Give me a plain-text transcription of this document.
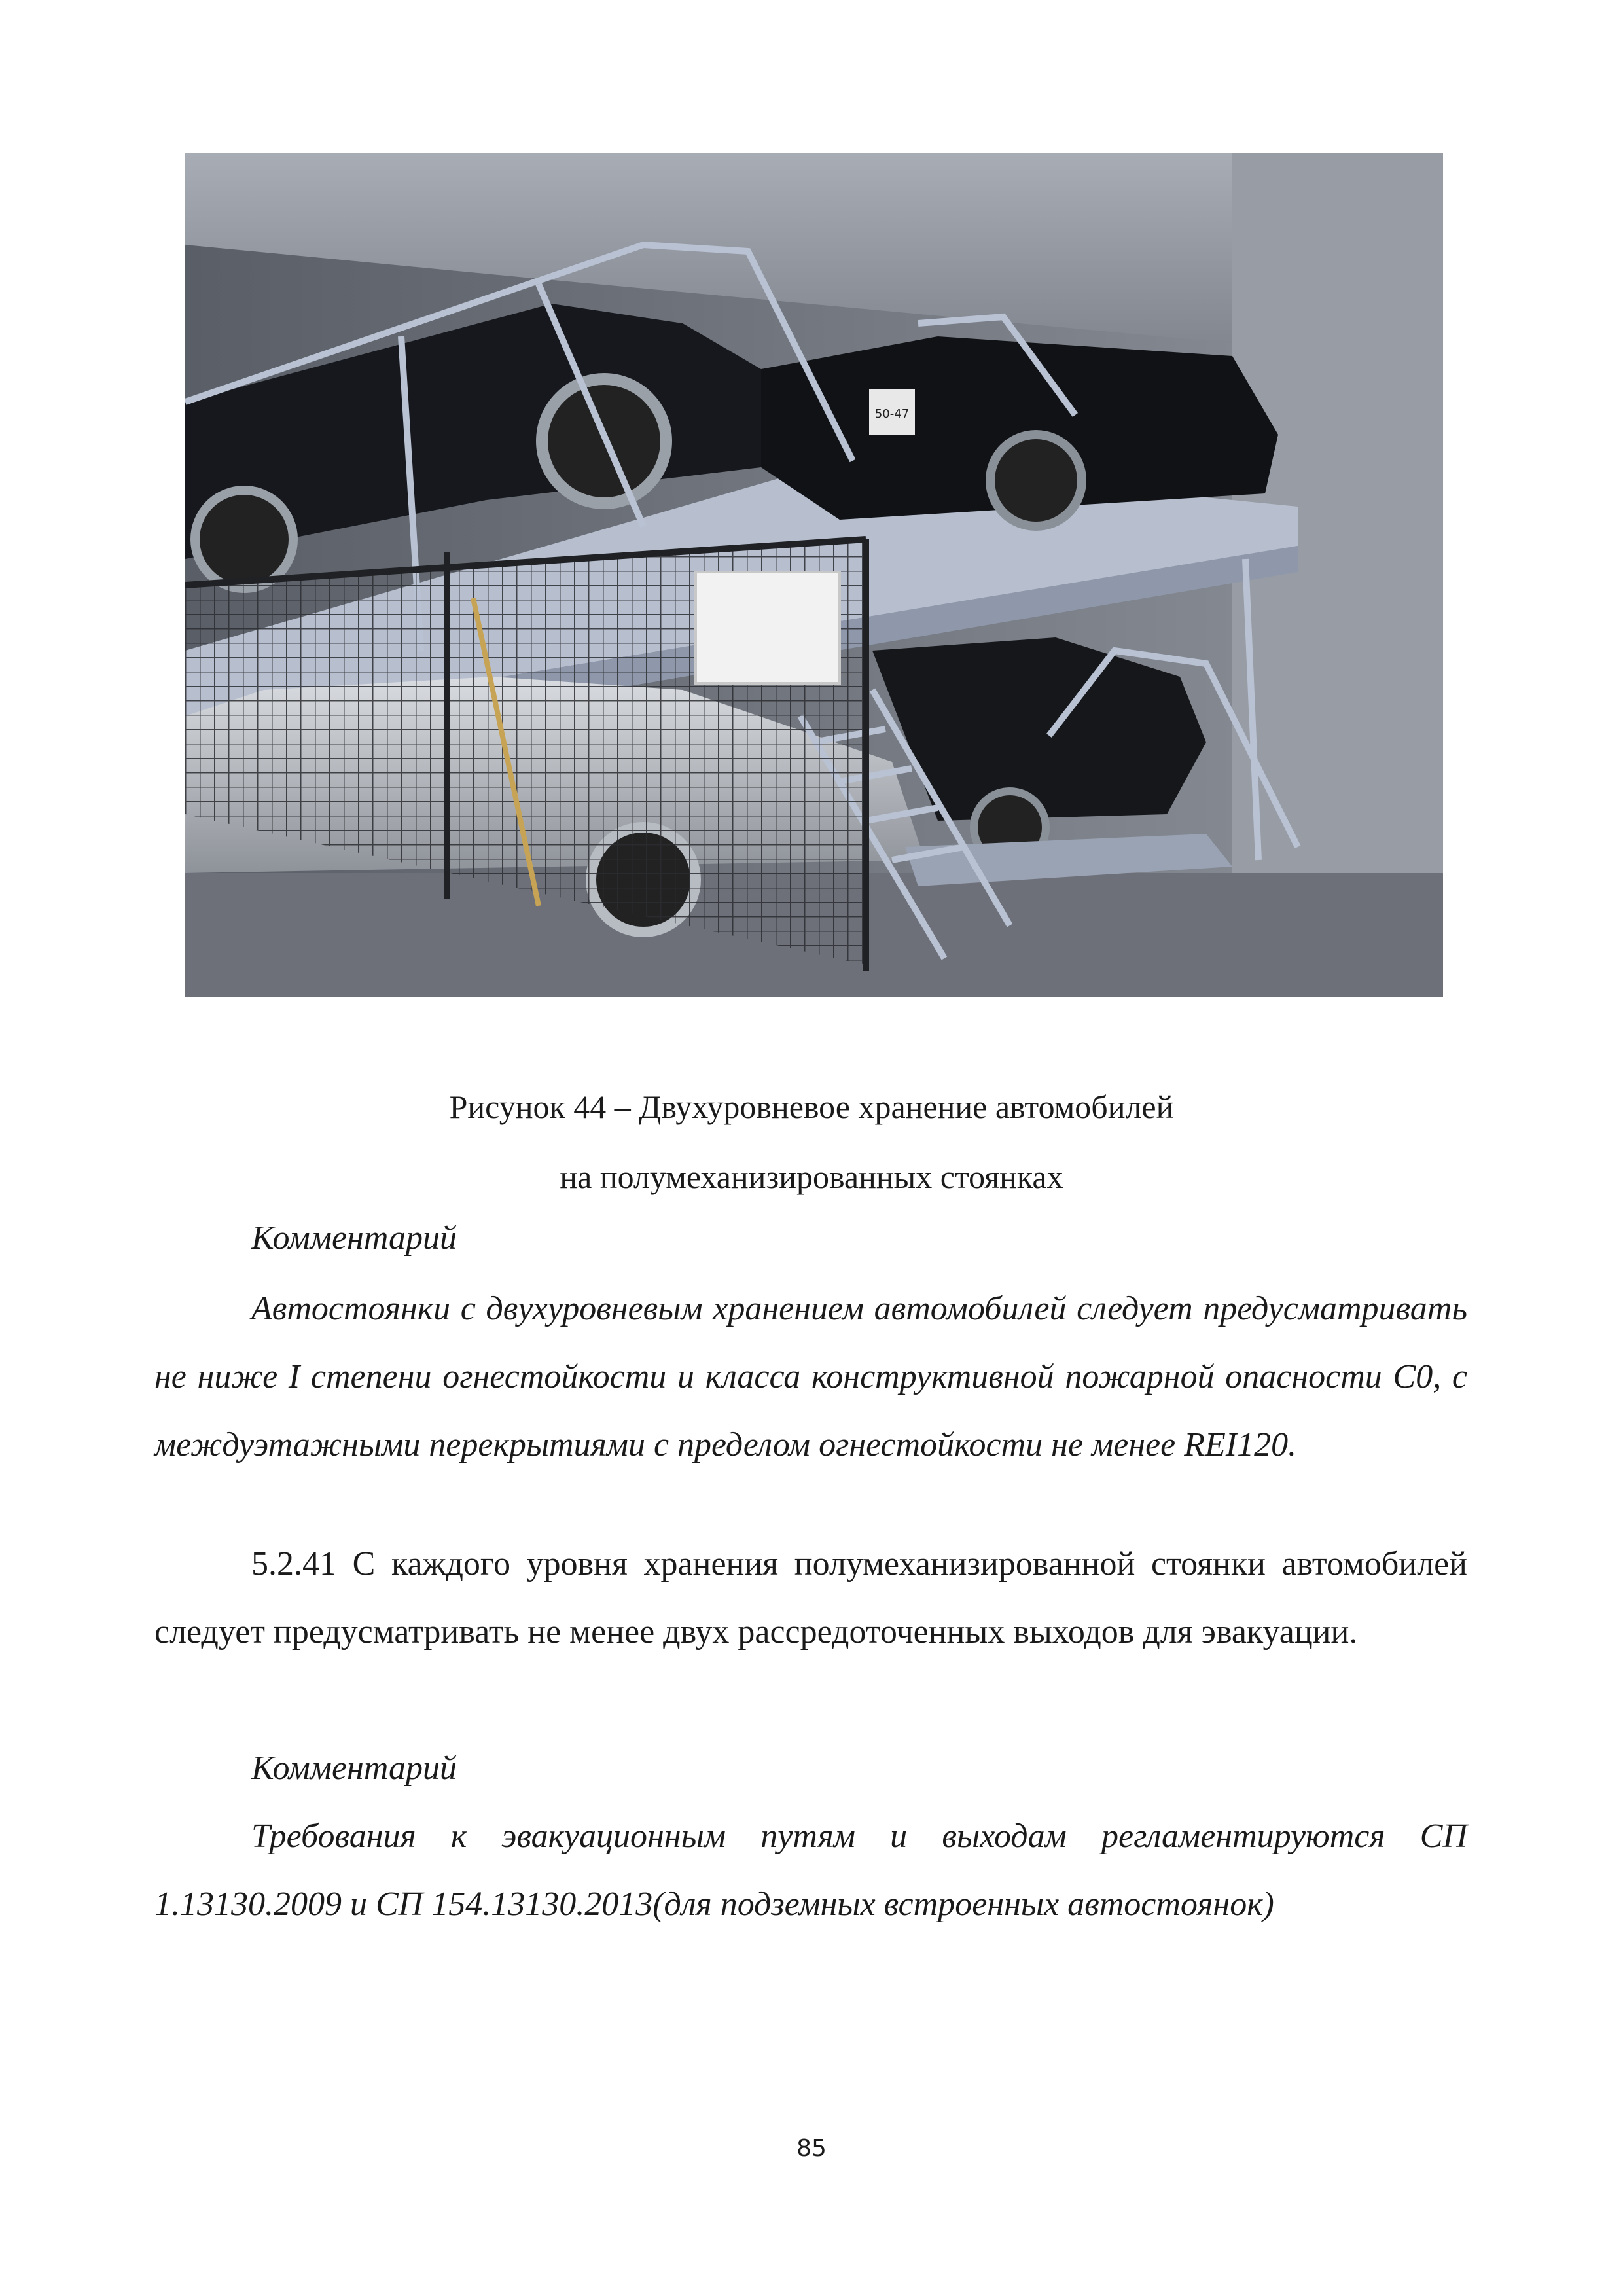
50-47
Рисунок 44 – Двухуровневое хранение автомобилей
на полумеханизированных стоянках
Комментарий
Автостоянки с двухуровневым хранением автомобилей следует предусматривать не ниже I степени огнестойкости и класса конструктивной пожарной опасности С0, с междуэтажными перекрытиями с пределом огнестойкости не менее REI120.
5.2.41 С каждого уровня хранения полумеханизированной стоянки автомобилей следует предусматривать не менее двух рассредоточенных выходов для эвакуации.
Комментарий
Требования к эвакуационным путям и выходам регламентируются СП 1.13130.2009 и СП 154.13130.2013(для подземных встроенных автостоянок)
85
